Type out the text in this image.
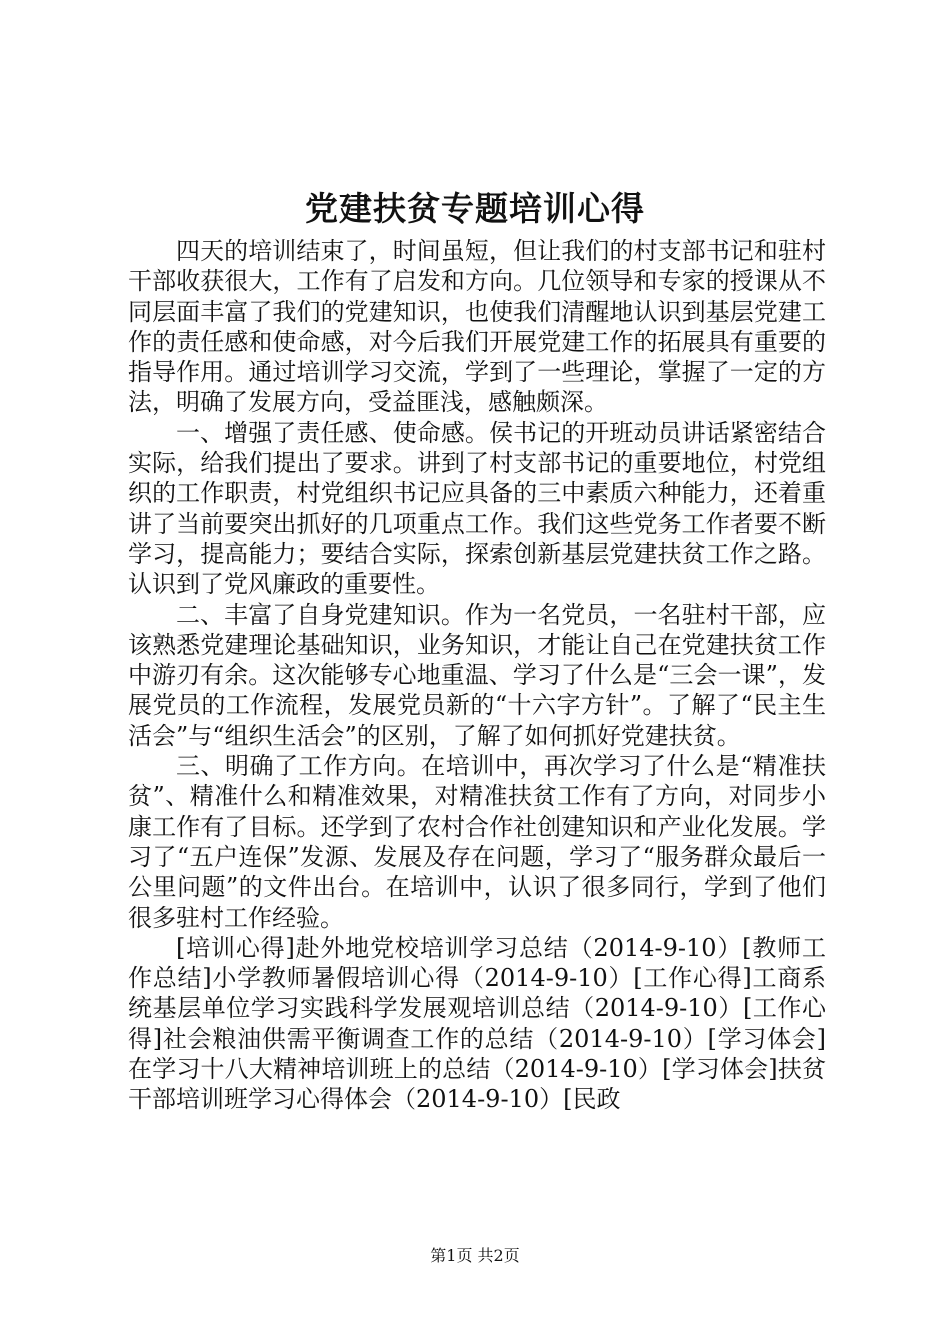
党建扶贫专题培训心得

四天的培训结束了，时间虽短，但让我们的村支部书记和驻村干部收获很大，工作有了启发和方向。几位领导和专家的授课从不同层面丰富了我们的党建知识，也使我们清醒地认识到基层党建工作的责任感和使命感，对今后我们开展党建工作的拓展具有重要的指导作用。通过培训学习交流，学到了一些理论，掌握了一定的方法，明确了发展方向，受益匪浅，感触颇深。

一、增强了责任感、使命感。侯书记的开班动员讲话紧密结合实际，给我们提出了要求。讲到了村支部书记的重要地位，村党组织的工作职责，村党组织书记应具备的三中素质六种能力，还着重讲了当前要突出抓好的几项重点工作。我们这些党务工作者要不断学习，提高能力；要结合实际，探索创新基层党建扶贫工作之路。认识到了党风廉政的重要性。

二、丰富了自身党建知识。作为一名党员，一名驻村干部，应该熟悉党建理论基础知识，业务知识，才能让自己在党建扶贫工作中游刃有余。这次能够专心地重温、学习了什么是“三会一课”，发展党员的工作流程，发展党员新的“十六字方针”。了解了“民主生活会”与“组织生活会”的区别，了解了如何抓好党建扶贫。

三、明确了工作方向。在培训中，再次学习了什么是“精准扶贫”、精准什么和精准效果，对精准扶贫工作有了方向，对同步小康工作有了目标。还学到了农村合作社创建知识和产业化发展。学习了“五户连保”发源、发展及存在问题，学习了“服务群众最后一公里问题”的文件出台。在培训中，认识了很多同行，学到了他们很多驻村工作经验。

[培训心得]赴外地党校培训学习总结（2014-9-10）[教师工作总结]小学教师暑假培训心得（2014-9-10）[工作心得]工商系统基层单位学习实践科学发展观培训总结（2014-9-10）[工作心得]社会粮油供需平衡调查工作的总结（2014-9-10）[学习体会]在学习十八大精神培训班上的总结（2014-9-10）[学习体会]扶贫干部培训班学习心得体会（2014-9-10）[民政

第1页 共2页
